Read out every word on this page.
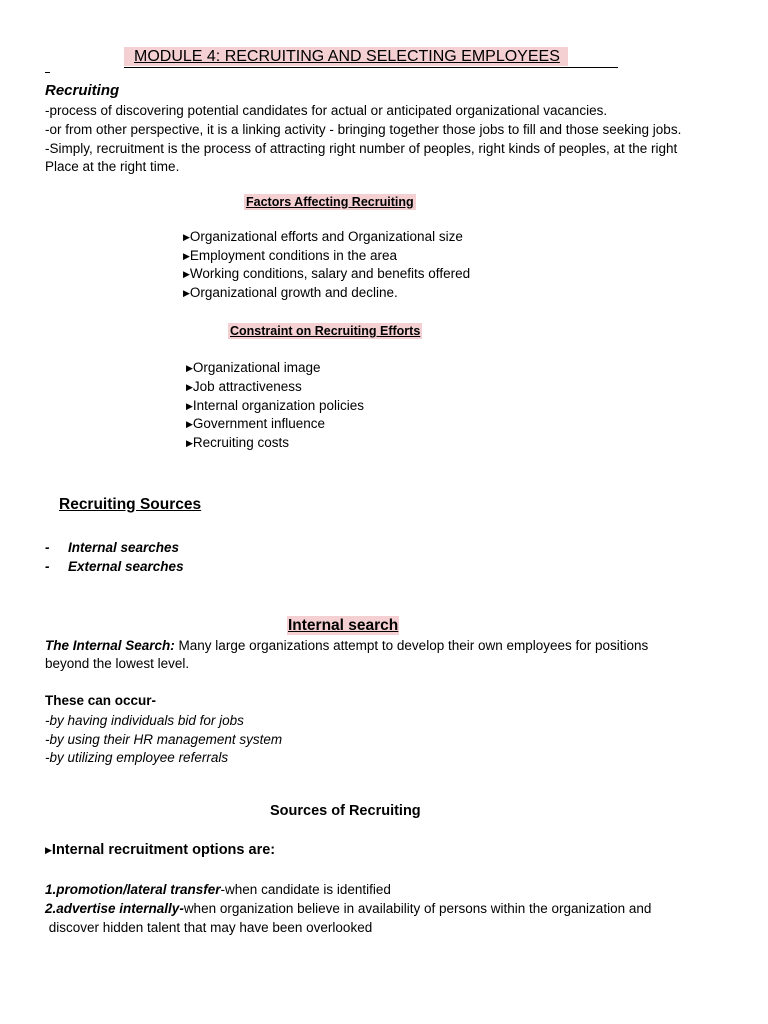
MODULE 4: RECRUITING AND SELECTING EMPLOYEES
Recruiting
-process of discovering potential candidates for actual or anticipated organizational vacancies.
-or from other perspective, it is a linking activity - bringing together those jobs to fill and those seeking jobs.
-Simply, recruitment is the process of attracting right number of peoples, right kinds of peoples, at the right
Place at the right time.
Factors Affecting Recruiting
▶Organizational efforts and Organizational size
▶Employment conditions in the area
▶Working conditions, salary and benefits offered
▶Organizational growth and decline.
Constraint on Recruiting Efforts
▶Organizational image
▶Job attractiveness
▶Internal organization policies
▶Government influence
▶Recruiting costs
Recruiting Sources
- Internal searches
- External searches
Internal search
The Internal Search: Many large organizations attempt to develop their own employees for positions
beyond the lowest level.
These can occur-
-by having individuals bid for jobs
-by using their HR management system
-by utilizing employee referrals
Sources of Recruiting
▶Internal recruitment options are:
1.promotion/lateral transfer-when candidate is identified
2.advertise internally-when organization believe in availability of persons within the organization and
discover hidden talent that may have been overlooked
